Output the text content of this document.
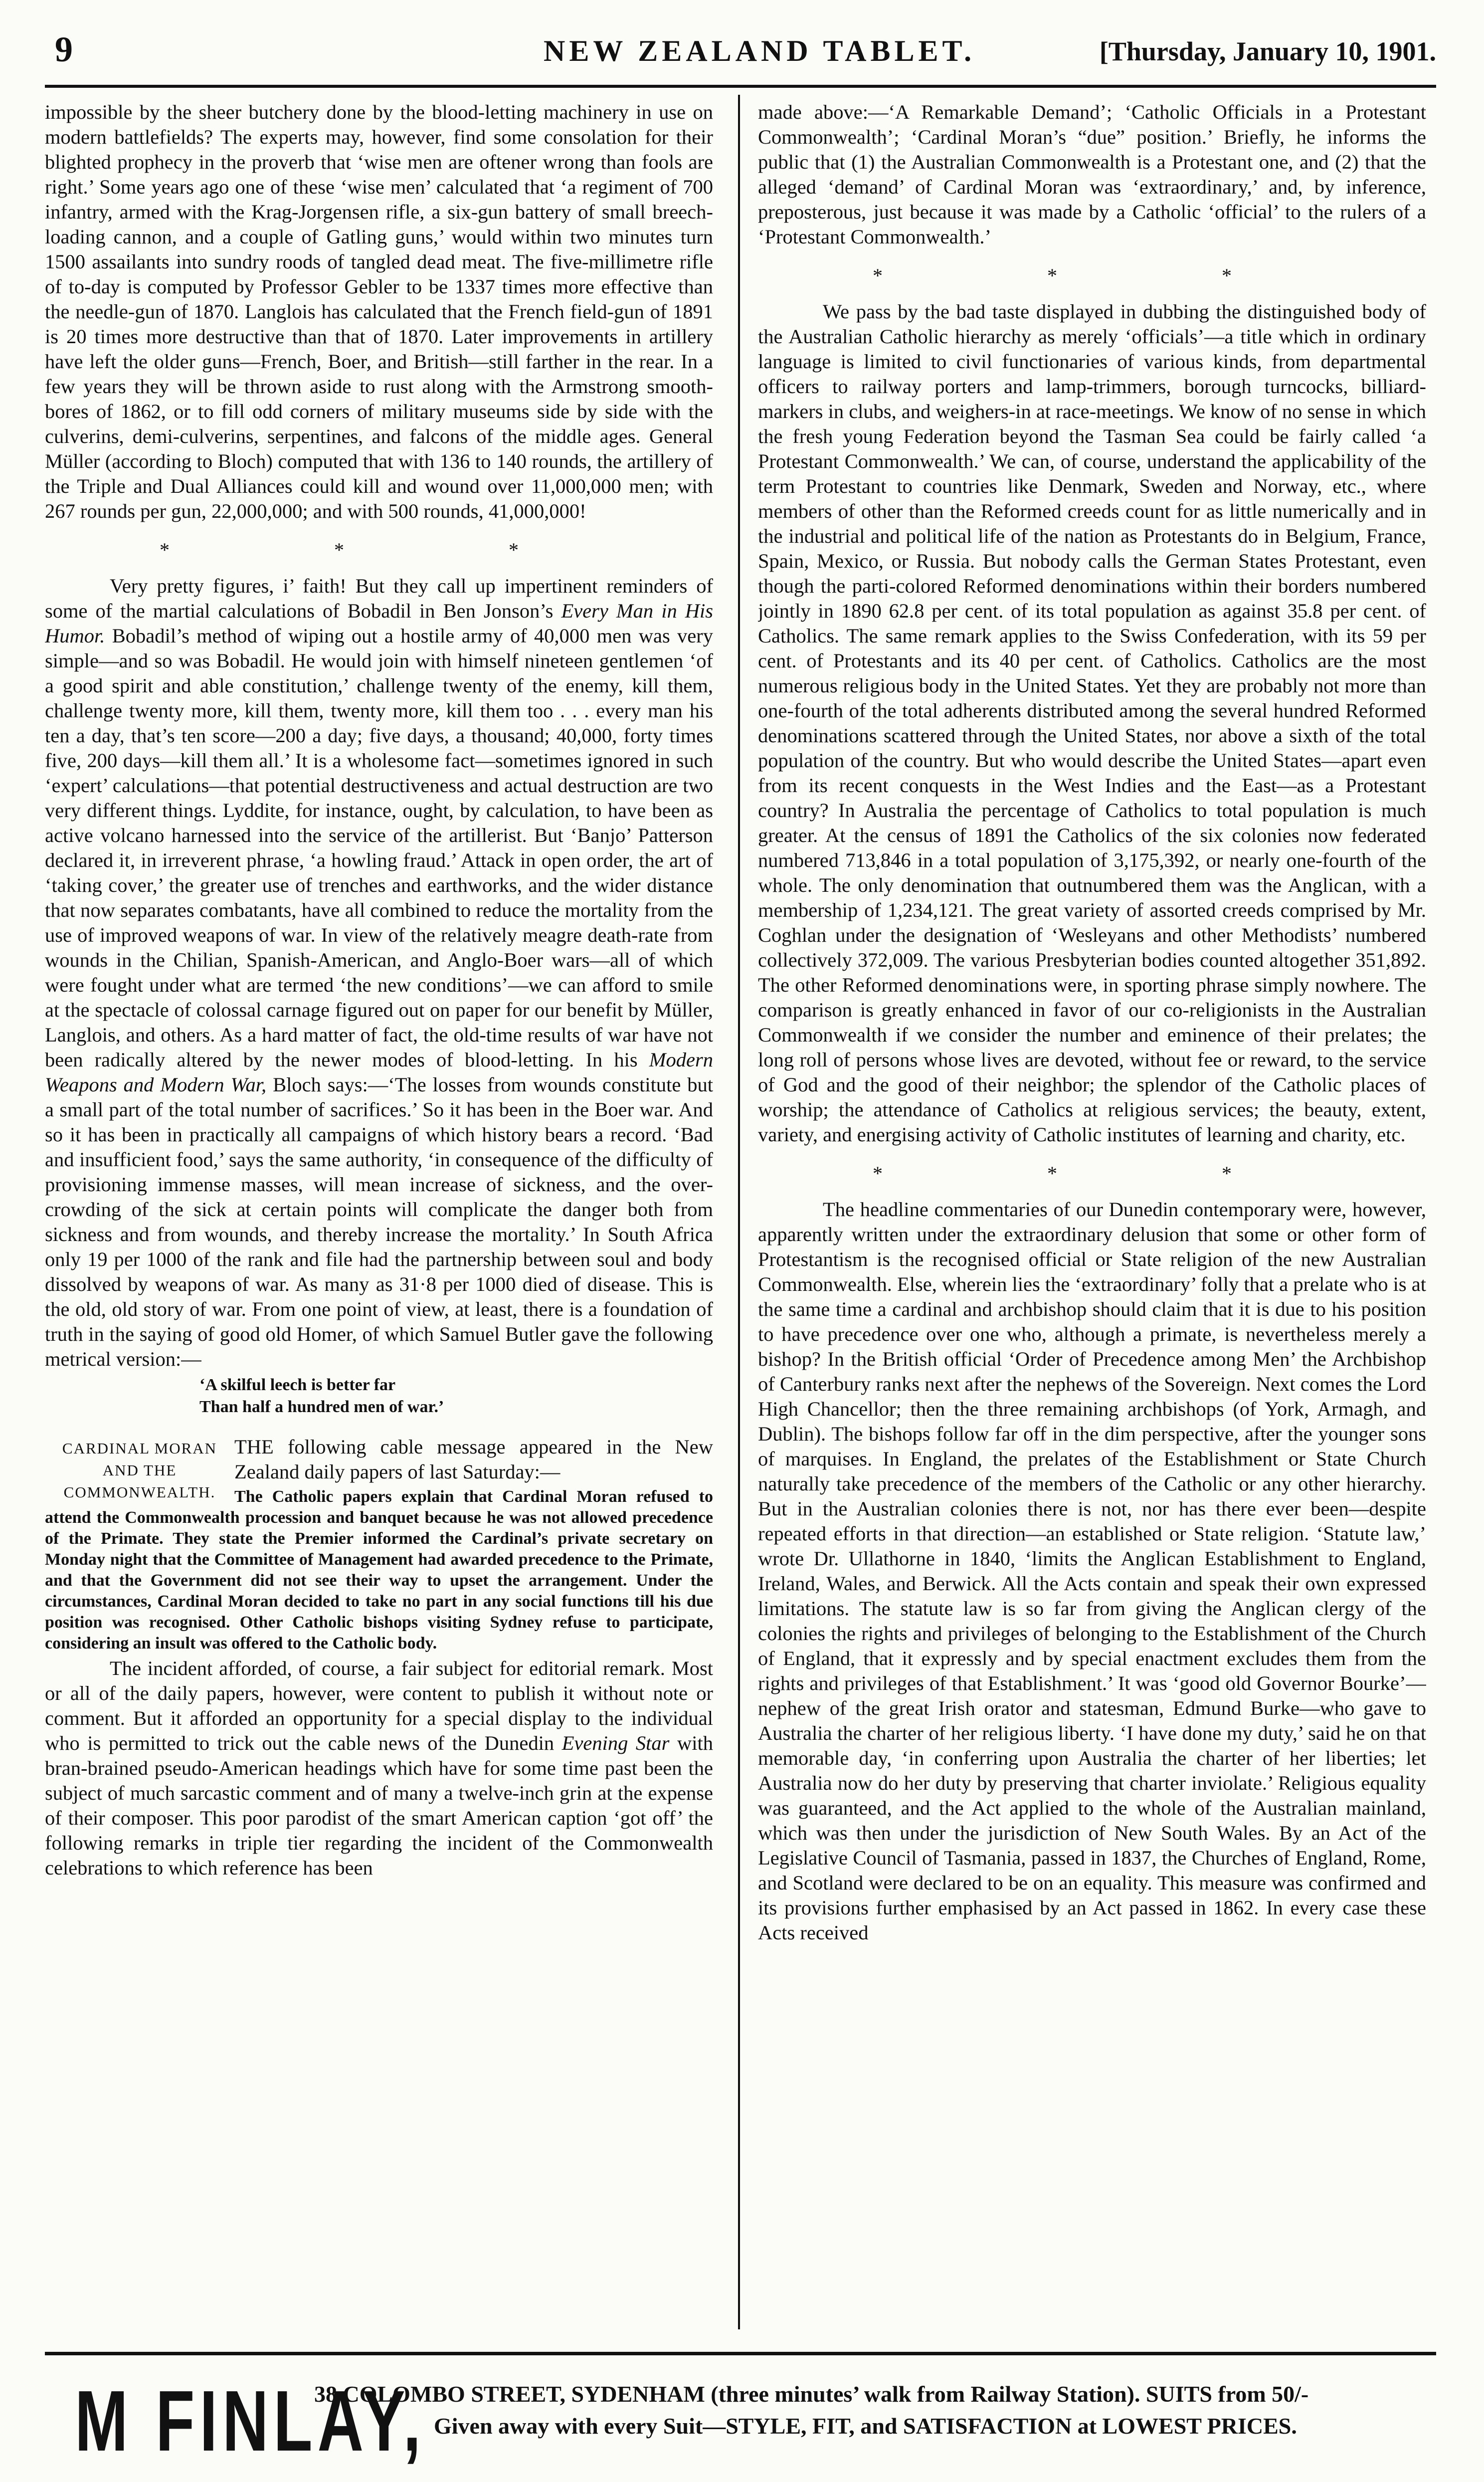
9	NEW ZEALAND TABLET.	[Thursday, January 10, 1901.

impossible by the sheer butchery done by the blood-letting machinery in use on modern battlefields? The experts may, however, find some consolation for their blighted prophecy in the proverb that ‘wise men are oftener wrong than fools are right.’ Some years ago one of these ‘wise men’ calculated that ‘a regiment of 700 infantry, armed with the Krag-Jorgensen rifle, a six-gun battery of small breech-loading cannon, and a couple of Gatling guns,’ would within two minutes turn 1500 assailants into sundry roods of tangled dead meat. The five-millimetre rifle of to-day is computed by Professor Gebler to be 1337 times more effective than the needle-gun of 1870. Langlois has calculated that the French field-gun of 1891 is 20 times more destructive than that of 1870. Later improvements in artillery have left the older guns—French, Boer, and British—still farther in the rear. In a few years they will be thrown aside to rust along with the Armstrong smooth-bores of 1862, or to fill odd corners of military museums side by side with the culverins, demi-culverins, serpentines, and falcons of the middle ages. General Müller (according to Bloch) computed that with 136 to 140 rounds, the artillery of the Triple and Dual Alliances could kill and wound over 11,000,000 men; with 267 rounds per gun, 22,000,000; and with 500 rounds, 41,000,000!

* * *

Very pretty figures, i’ faith! But they call up impertinent reminders of some of the martial calculations of Bobadil in Ben Jonson’s Every Man in His Humor. Bobadil’s method of wiping out a hostile army of 40,000 men was very simple—and so was Bobadil. He would join with himself nineteen gentlemen ‘of a good spirit and able constitution,’ challenge twenty of the enemy, kill them, challenge twenty more, kill them, twenty more, kill them too . . . every man his ten a day, that’s ten score—200 a day; five days, a thousand; 40,000, forty times five, 200 days—kill them all.’ It is a wholesome fact—sometimes ignored in such ‘expert’ calculations—that potential destructiveness and actual destruction are two very different things. Lyddite, for instance, ought, by calculation, to have been as active volcano harnessed into the service of the artillerist. But ‘Banjo’ Patterson declared it, in irreverent phrase, ‘a howling fraud.’ Attack in open order, the art of ‘taking cover,’ the greater use of trenches and earthworks, and the wider distance that now separates combatants, have all combined to reduce the mortality from the use of improved weapons of war. In view of the relatively meagre death-rate from wounds in the Chilian, Spanish-American, and Anglo-Boer wars—all of which were fought under what are termed ‘the new conditions’—we can afford to smile at the spectacle of colossal carnage figured out on paper for our benefit by Müller, Langlois, and others. As a hard matter of fact, the old-time results of war have not been radically altered by the newer modes of blood-letting. In his Modern Weapons and Modern War, Bloch says:—‘The losses from wounds constitute but a small part of the total number of sacrifices.’ So it has been in the Boer war. And so it has been in practically all campaigns of which history bears a record. ‘Bad and insufficient food,’ says the same authority, ‘in consequence of the difficulty of provisioning immense masses, will mean increase of sickness, and the over-crowding of the sick at certain points will complicate the danger both from sickness and from wounds, and thereby increase the mortality.’ In South Africa only 19 per 1000 of the rank and file had the partnership between soul and body dissolved by weapons of war. As many as 31·8 per 1000 died of disease. This is the old, old story of war. From one point of view, at least, there is a foundation of truth in the saying of good old Homer, of which Samuel Butler gave the following metrical version:—

‘A skilful leech is better far
Than half a hundred men of war.’
CARDINAL MORAN AND THE COMMONWEALTH.

THE following cable message appeared in the New Zealand daily papers of last Saturday:—

The Catholic papers explain that Cardinal Moran refused to attend the Commonwealth procession and banquet because he was not allowed precedence of the Primate. They state the Premier informed the Cardinal’s private secretary on Monday night that the Committee of Management had awarded precedence to the Primate, and that the Government did not see their way to upset the arrangement. Under the circumstances, Cardinal Moran decided to take no part in any social functions till his due position was recognised. Other Catholic bishops visiting Sydney refuse to participate, considering an insult was offered to the Catholic body.

The incident afforded, of course, a fair subject for editorial remark. Most or all of the daily papers, however, were content to publish it without note or comment. But it afforded an opportunity for a special display to the individual who is permitted to trick out the cable news of the Dunedin Evening Star with bran-brained pseudo-American headings which have for some time past been the subject of much sarcastic comment and of many a twelve-inch grin at the expense of their composer. This poor parodist of the smart American caption ‘got off’ the following remarks in triple tier regarding the incident of the Commonwealth celebrations to which reference has been

made above:—‘A Remarkable Demand’; ‘Catholic Officials in a Protestant Commonwealth’; ‘Cardinal Moran’s “due” position.’ Briefly, he informs the public that (1) the Australian Commonwealth is a Protestant one, and (2) that the alleged ‘demand’ of Cardinal Moran was ‘extraordinary,’ and, by inference, preposterous, just because it was made by a Catholic ‘official’ to the rulers of a ‘Protestant Commonwealth.’

* * *

We pass by the bad taste displayed in dubbing the distinguished body of the Australian Catholic hierarchy as merely ‘officials’—a title which in ordinary language is limited to civil functionaries of various kinds, from departmental officers to railway porters and lamp-trimmers, borough turncocks, billiard-markers in clubs, and weighers-in at race-meetings. We know of no sense in which the fresh young Federation beyond the Tasman Sea could be fairly called ‘a Protestant Commonwealth.’ We can, of course, understand the applicability of the term Protestant to countries like Denmark, Sweden and Norway, etc., where members of other than the Reformed creeds count for as little numerically and in the industrial and political life of the nation as Protestants do in Belgium, France, Spain, Mexico, or Russia. But nobody calls the German States Protestant, even though the parti-colored Reformed denominations within their borders numbered jointly in 1890 62.8 per cent. of its total population as against 35.8 per cent. of Catholics. The same remark applies to the Swiss Confederation, with its 59 per cent. of Protestants and its 40 per cent. of Catholics. Catholics are the most numerous religious body in the United States. Yet they are probably not more than one-fourth of the total adherents distributed among the several hundred Reformed denominations scattered through the United States, nor above a sixth of the total population of the country. But who would describe the United States—apart even from its recent conquests in the West Indies and the East—as a Protestant country? In Australia the percentage of Catholics to total population is much greater. At the census of 1891 the Catholics of the six colonies now federated numbered 713,846 in a total population of 3,175,392, or nearly one-fourth of the whole. The only denomination that outnumbered them was the Anglican, with a membership of 1,234,121. The great variety of assorted creeds comprised by Mr. Coghlan under the designation of ‘Wesleyans and other Methodists’ numbered collectively 372,009. The various Presbyterian bodies counted altogether 351,892. The other Reformed denominations were, in sporting phrase simply nowhere. The comparison is greatly enhanced in favor of our co-religionists in the Australian Commonwealth if we consider the number and eminence of their prelates; the long roll of persons whose lives are devoted, without fee or reward, to the service of God and the good of their neighbor; the splendor of the Catholic places of worship; the attendance of Catholics at religious services; the beauty, extent, variety, and energising activity of Catholic institutes of learning and charity, etc.

* * *

The headline commentaries of our Dunedin contemporary were, however, apparently written under the extraordinary delusion that some or other form of Protestantism is the recognised official or State religion of the new Australian Commonwealth. Else, wherein lies the ‘extraordinary’ folly that a prelate who is at the same time a cardinal and archbishop should claim that it is due to his position to have precedence over one who, although a primate, is nevertheless merely a bishop? In the British official ‘Order of Precedence among Men’ the Archbishop of Canterbury ranks next after the nephews of the Sovereign. Next comes the Lord High Chancellor; then the three remaining archbishops (of York, Armagh, and Dublin). The bishops follow far off in the dim perspective, after the younger sons of marquises. In England, the prelates of the Establishment or State Church naturally take precedence of the members of the Catholic or any other hierarchy. But in the Australian colonies there is not, nor has there ever been—despite repeated efforts in that direction—an established or State religion. ‘Statute law,’ wrote Dr. Ullathorne in 1840, ‘limits the Anglican Establishment to England, Ireland, Wales, and Berwick. All the Acts contain and speak their own expressed limitations. The statute law is so far from giving the Anglican clergy of the colonies the rights and privileges of belonging to the Establishment of the Church of England, that it expressly and by special enactment excludes them from the rights and privileges of that Establishment.’ It was ‘good old Governor Bourke’—nephew of the great Irish orator and statesman, Edmund Burke—who gave to Australia the charter of her religious liberty. ‘I have done my duty,’ said he on that memorable day, ‘in conferring upon Australia the charter of her liberties; let Australia now do her duty by preserving that charter inviolate.’ Religious equality was guaranteed, and the Act applied to the whole of the Australian mainland, which was then under the jurisdiction of New South Wales. By an Act of the Legislative Council of Tasmania, passed in 1837, the Churches of England, Rome, and Scotland were declared to be on an equality. This measure was confirmed and its provisions further emphasised by an Act passed in 1862. In every case these Acts received

M FINLAY,
38 COLOMBO STREET, SYDENHAM (three minutes’ walk from Railway Station). SUITS from 50/-
Given away with every Suit—STYLE, FIT, and SATISFACTION at LOWEST PRICES.
